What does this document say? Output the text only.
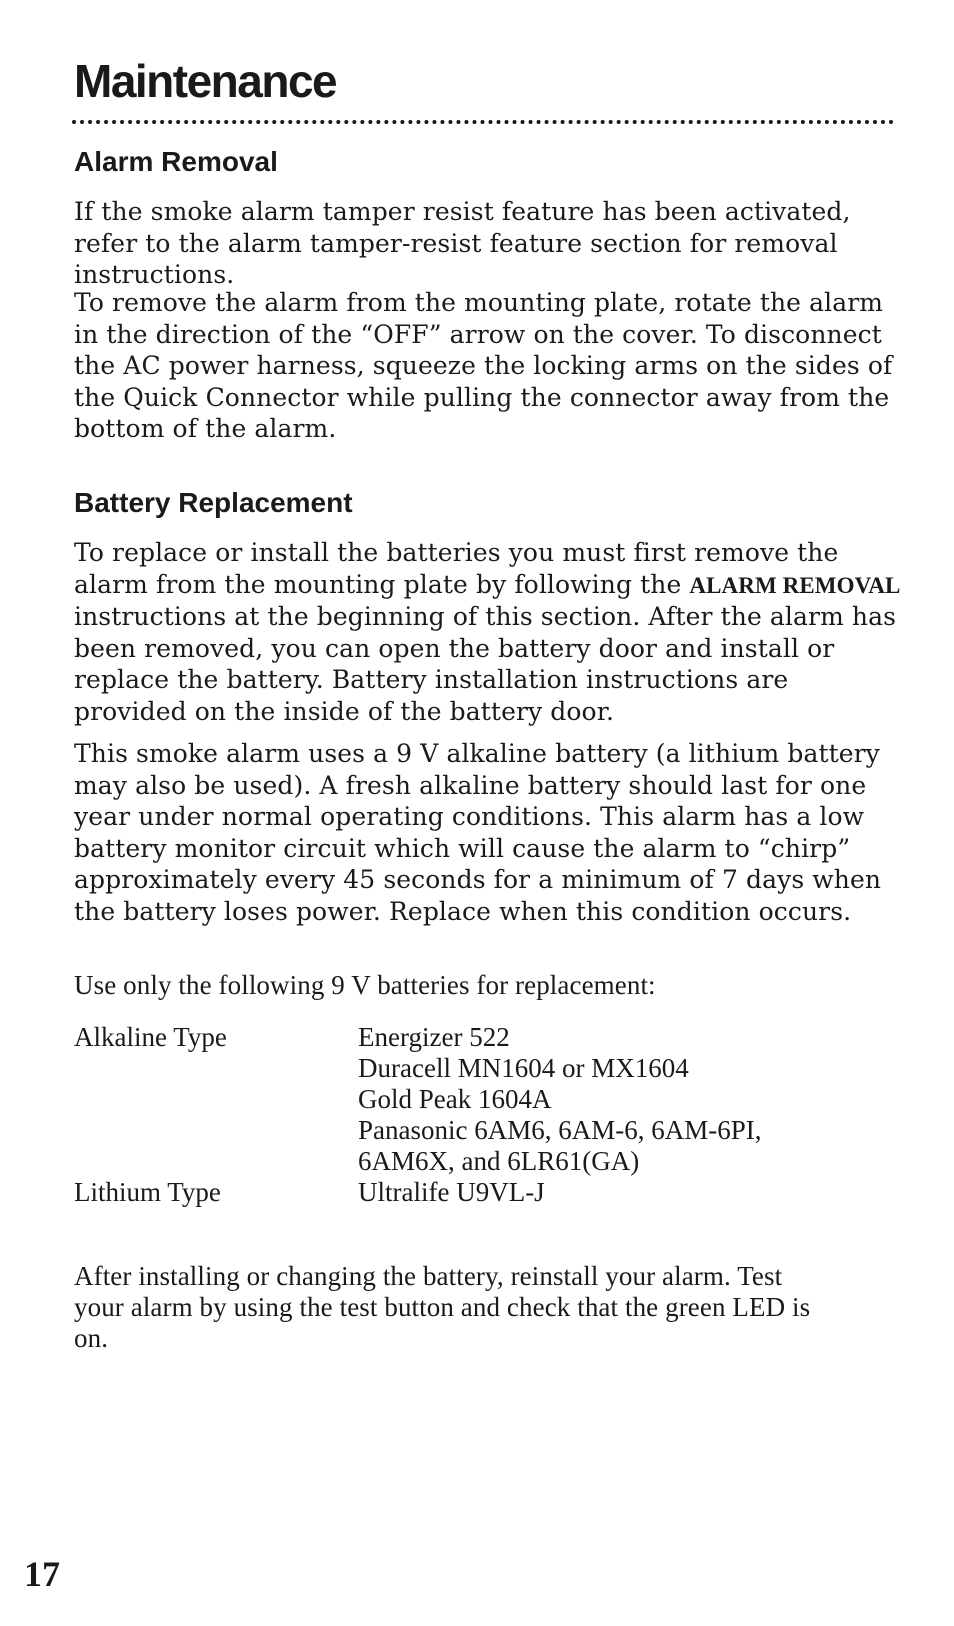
Maintenance
Alarm Removal

If the smoke alarm tamper resist feature has been activated, refer to the alarm tamper-resist feature section for removal instructions.

To remove the alarm from the mounting plate, rotate the alarm in the direction of the “OFF” arrow on the cover. To disconnect the AC power harness, squeeze the locking arms on the sides of the Quick Connector while pulling the connector away from the bottom of the alarm.

Battery Replacement

To replace or install the batteries you must first remove the alarm from the mounting plate by following the ALARM REMOVAL instructions at the beginning of this section. After the alarm has been removed, you can open the battery door and install or replace the battery. Battery installation instructions are provided on the inside of the battery door.

This smoke alarm uses a 9 V alkaline battery (a lithium battery may also be used). A fresh alkaline battery should last for one year under normal operating conditions. This alarm has a low battery monitor circuit which will cause the alarm to “chirp” approximately every 45 seconds for a minimum of 7 days when the battery loses power. Replace when this condition occurs.

Use only the following 9 V batteries for replacement:

Alkaline Type	Energizer 522
Duracell MN1604 or MX1604
Gold Peak 1604A
Panasonic 6AM6, 6AM-6, 6AM-6PI,
6AM6X, and 6LR61(GA)
Lithium Type	Ultralife U9VL-J

After installing or changing the battery, reinstall your alarm. Test your alarm by using the test button and check that the green LED is on.

17
